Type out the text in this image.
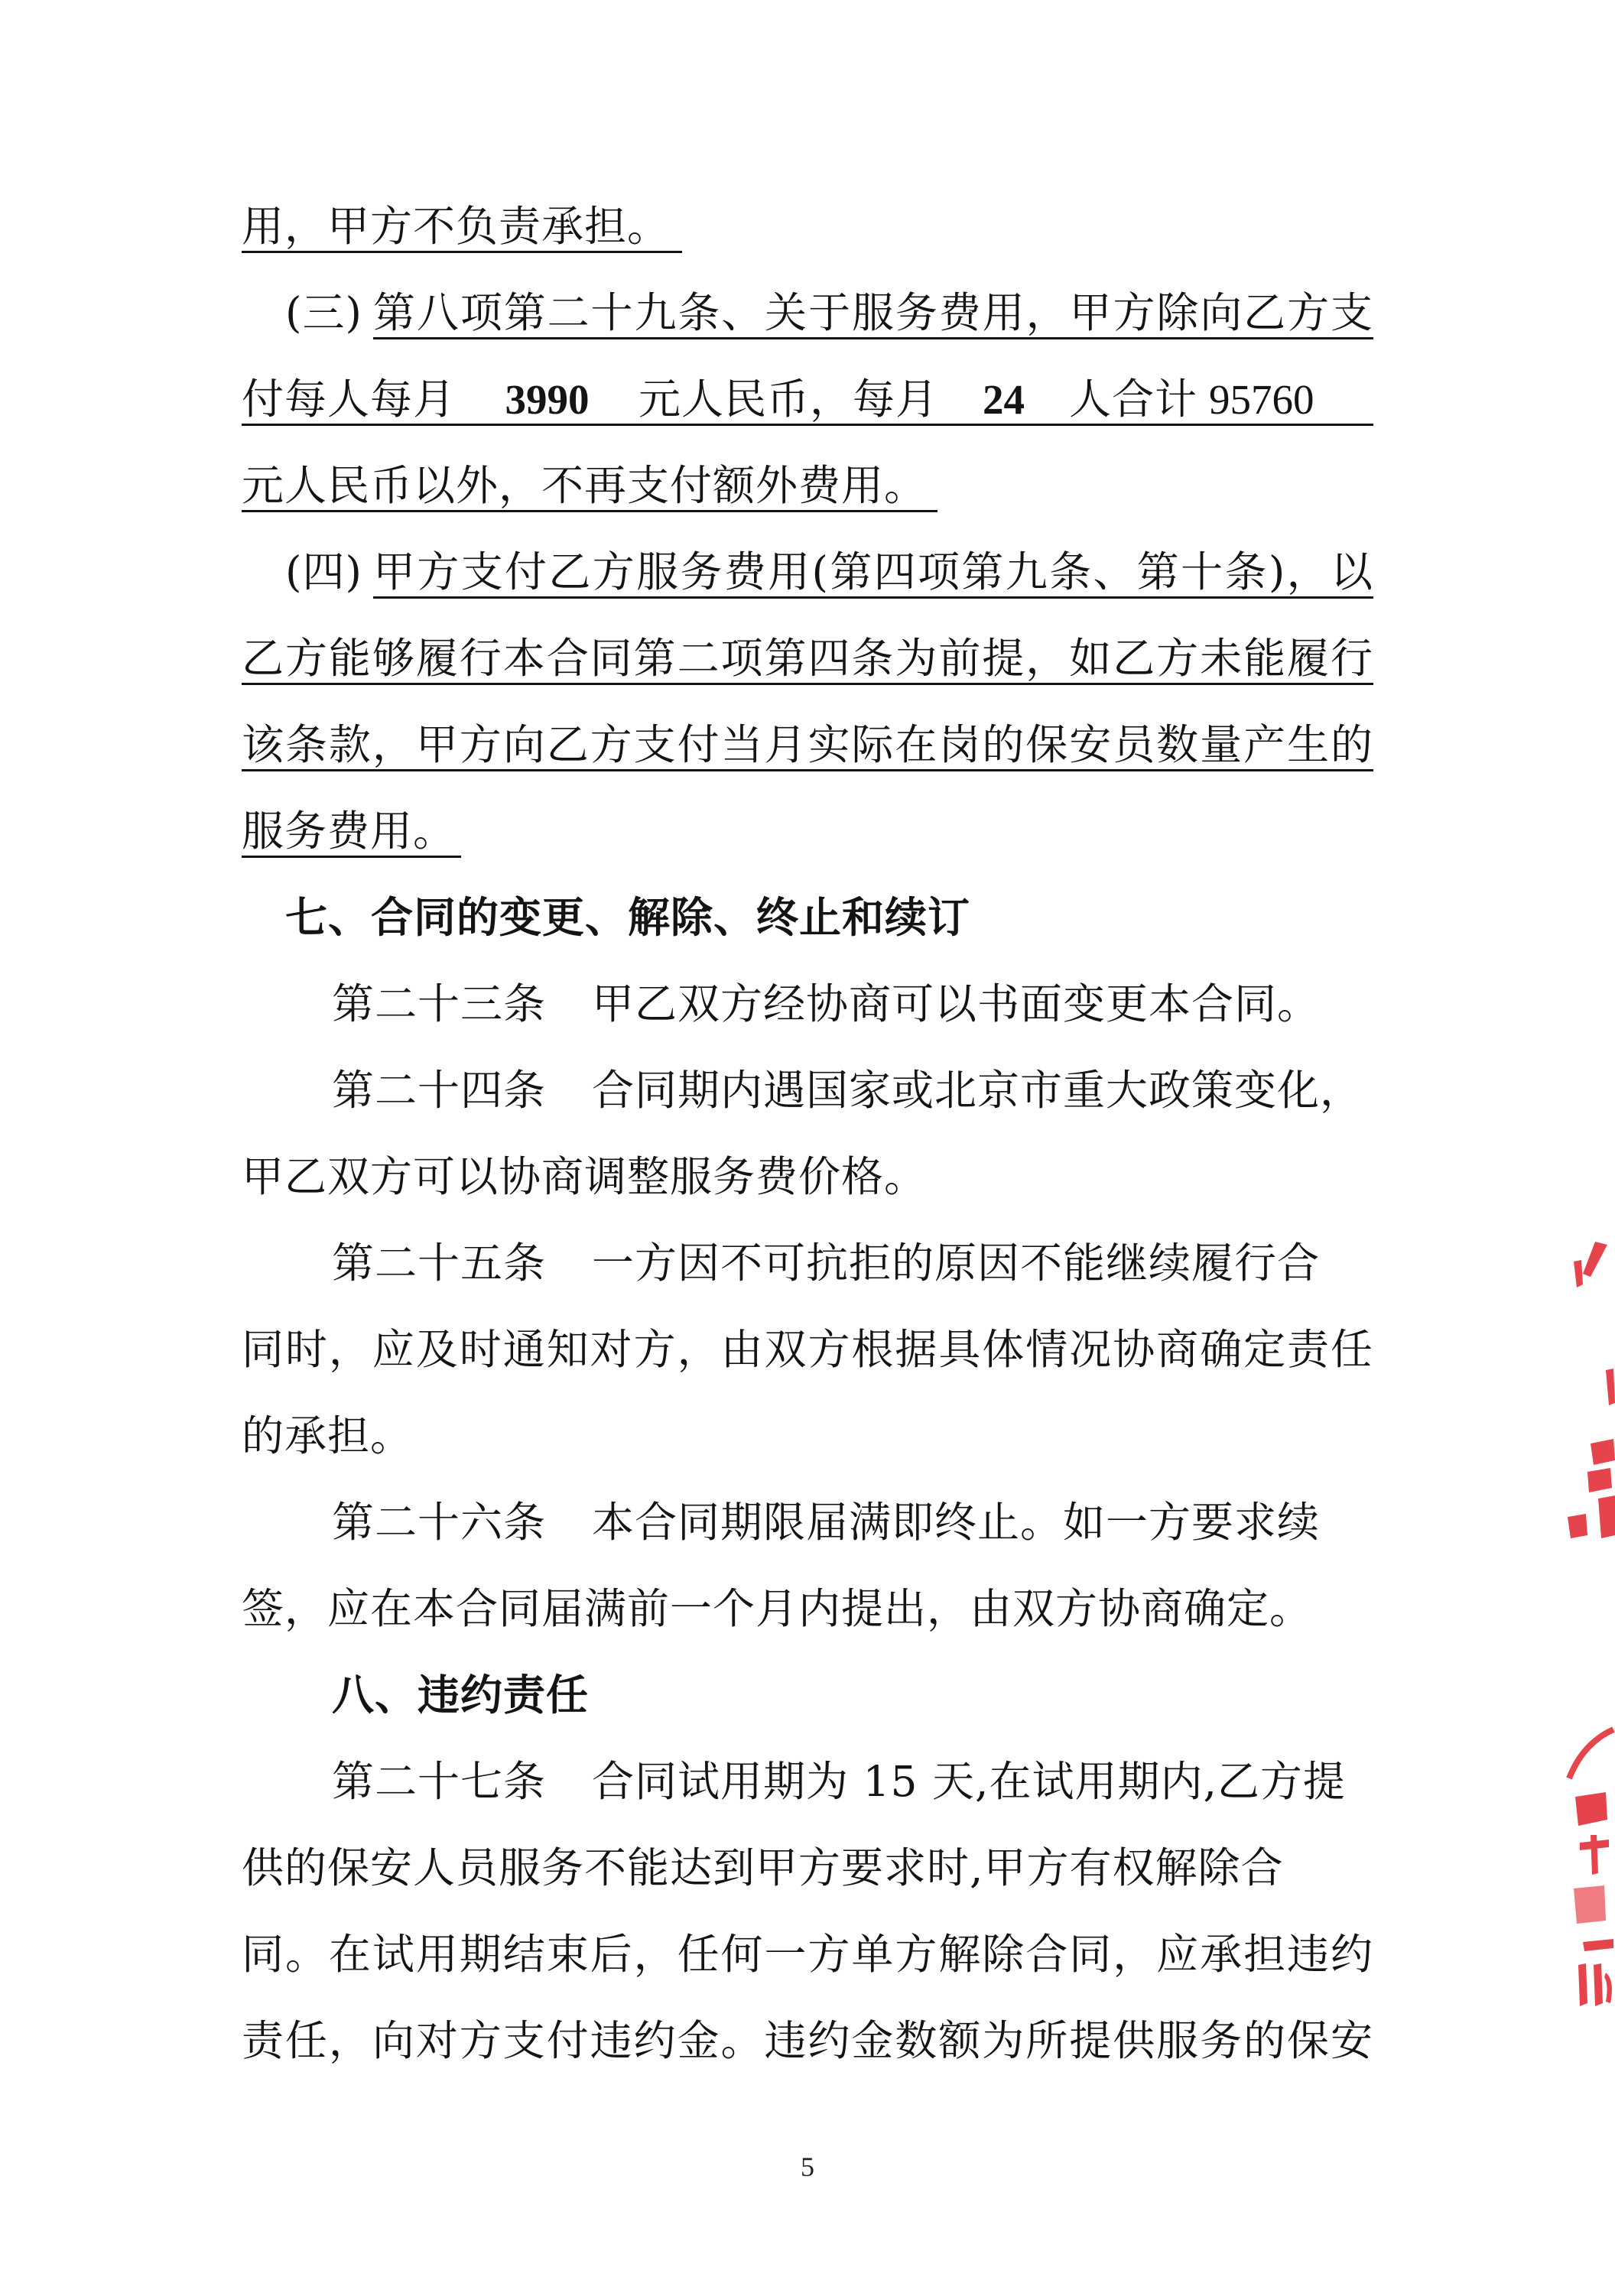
用，甲方不负责承担。
(三) 第八项第二十九条、关于服务费用，甲方除向乙方支
付每人每月	3990	元人民币，每月	24	人合计 95760
元人民币以外，不再支付额外费用。
(四) 甲方支付乙方服务费用(第四项第九条、第十条)，以
乙方能够履行本合同第二项第四条为前提，如乙方未能履行
该条款，甲方向乙方支付当月实际在岗的保安员数量产生的
服务费用。
七、合同的变更、解除、终止和续订
第二十三条 甲乙双方经协商可以书面变更本合同。
第二十四条 合同期内遇国家或北京市重大政策变化，
甲乙双方可以协商调整服务费价格。
第二十五条 一方因不可抗拒的原因不能继续履行合
同时，应及时通知对方，由双方根据具体情况协商确定责任
的承担。
第二十六条 本合同期限届满即终止。如一方要求续
签，应在本合同届满前一个月内提出，由双方协商确定。
八、违约责任
第二十七条 合同试用期为 15 天,在试用期内,乙方提
供的保安人员服务不能达到甲方要求时,甲方有权解除合
同。在试用期结束后，任何一方单方解除合同，应承担违约
责任，向对方支付违约金。违约金数额为所提供服务的保安
5
